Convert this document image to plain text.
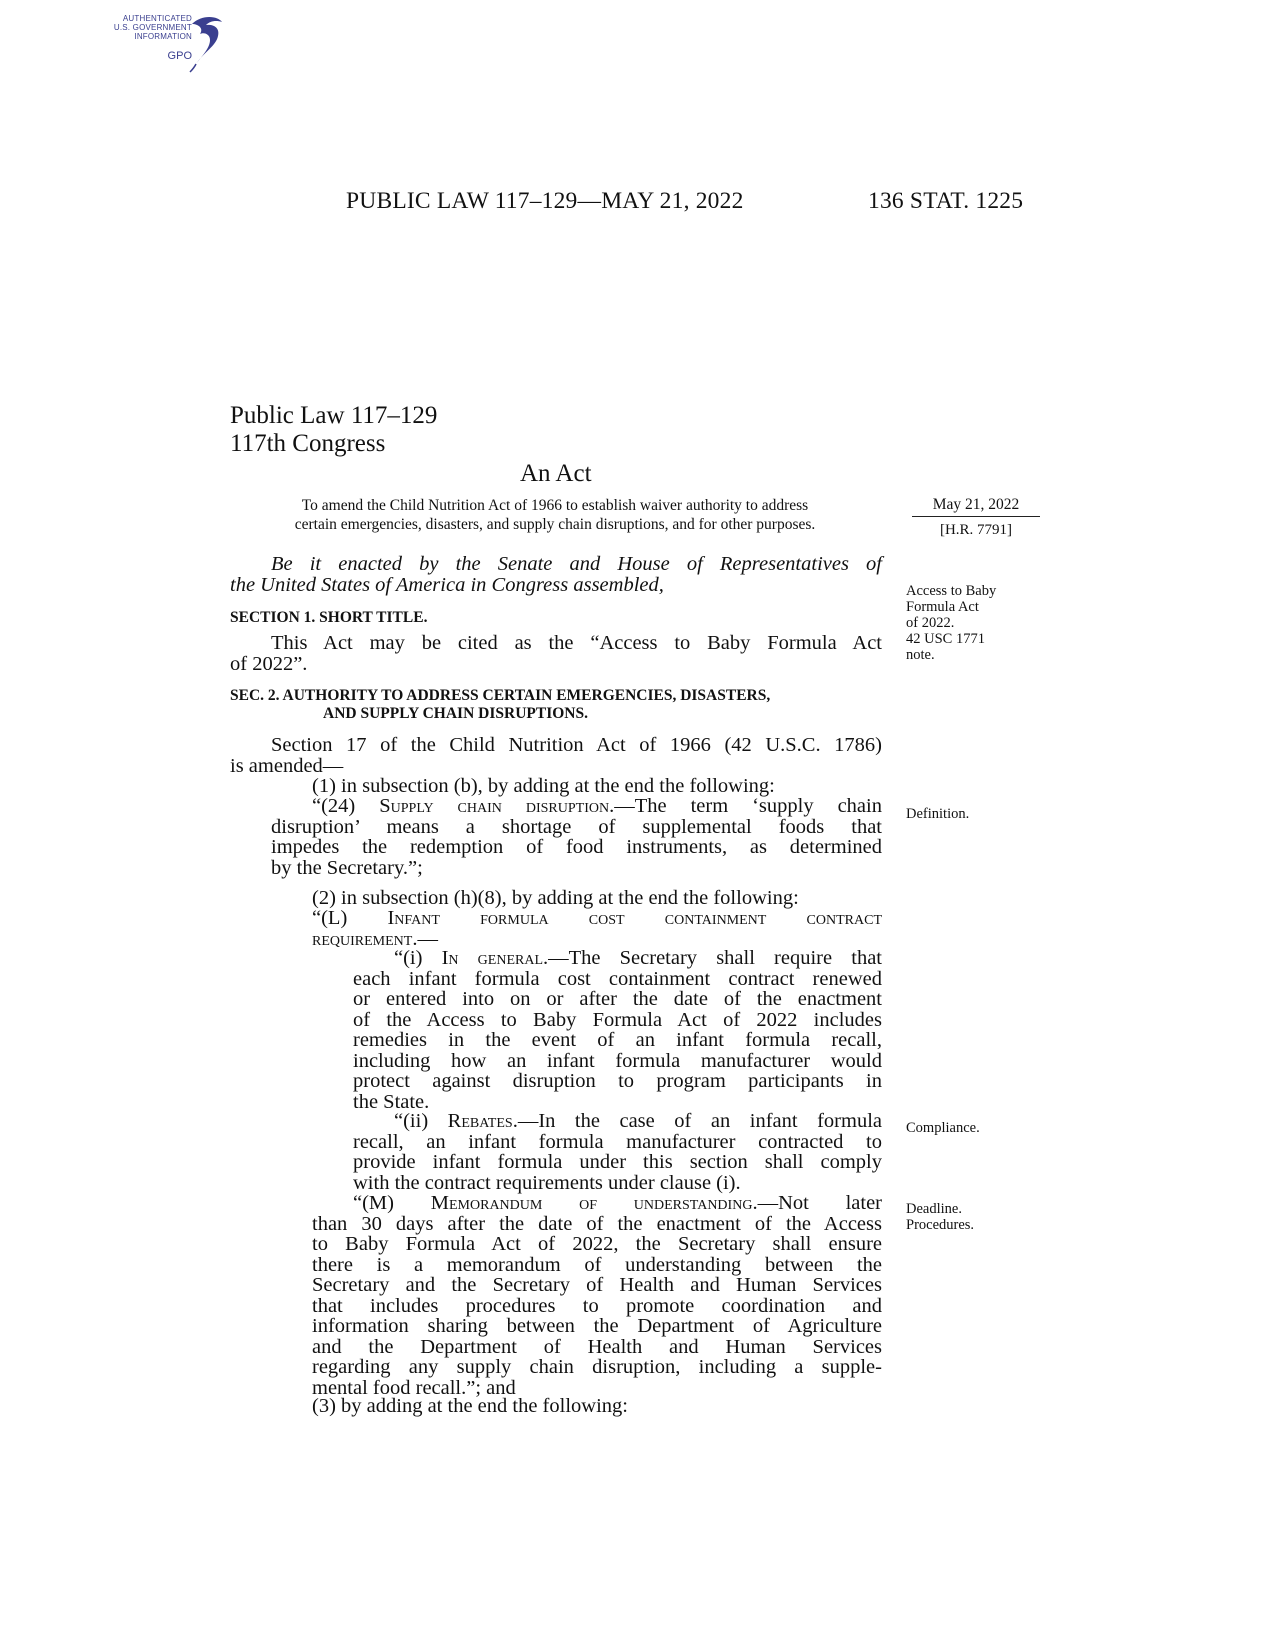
AUTHENTICATED
U.S. GOVERNMENT
INFORMATION
GPO
PUBLIC LAW 117–129—MAY 21, 2022	136 STAT. 1225
Public Law 117–129
117th Congress
An Act
To amend the Child Nutrition Act of 1966 to establish waiver authority to address
certain emergencies, disasters, and supply chain disruptions, and for other purposes.
May 21, 2022
[H.R. 7791]
Be it enacted by the Senate and House of Representatives of
the United States of America in Congress assembled,
SECTION 1. SHORT TITLE.
This Act may be cited as the “Access to Baby Formula Act
of 2022”.
SEC. 2. AUTHORITY TO ADDRESS CERTAIN EMERGENCIES, DISASTERS,
AND SUPPLY CHAIN DISRUPTIONS.
Section 17 of the Child Nutrition Act of 1966 (42 U.S.C. 1786)
is amended—
(1) in subsection (b), by adding at the end the following:
“(24) Supply chain disruption.—The term ‘supply chain
disruption’ means a shortage of supplemental foods that
impedes the redemption of food instruments, as determined
by the Secretary.”;
(2) in subsection (h)(8), by adding at the end the following:
“(L) Infant formula cost containment contract
requirement.—
“(i) In general.—The Secretary shall require that
each infant formula cost containment contract renewed
or entered into on or after the date of the enactment
of the Access to Baby Formula Act of 2022 includes
remedies in the event of an infant formula recall,
including how an infant formula manufacturer would
protect against disruption to program participants in
the State.
“(ii) Rebates.—In the case of an infant formula
recall, an infant formula manufacturer contracted to
provide infant formula under this section shall comply
with the contract requirements under clause (i).
“(M) Memorandum of understanding.—Not later
than 30 days after the date of the enactment of the Access
to Baby Formula Act of 2022, the Secretary shall ensure
there is a memorandum of understanding between the
Secretary and the Secretary of Health and Human Services
that includes procedures to promote coordination and
information sharing between the Department of Agriculture
and the Department of Health and Human Services
regarding any supply chain disruption, including a supple-
mental food recall.”; and
(3) by adding at the end the following:
Access to Baby
Formula Act
of 2022.
42 USC 1771
note.
Definition.
Compliance.
Deadline.
Procedures.
